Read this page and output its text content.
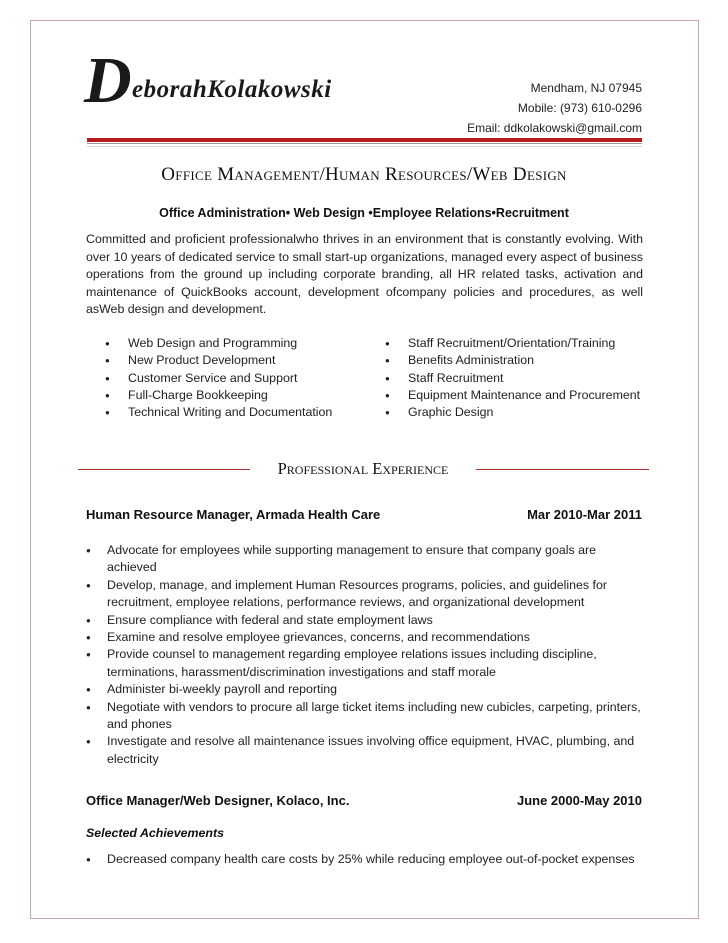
D eborahKolakowski	Mendham, NJ 07945
Mobile: (973) 610-0296
Email: ddkolakowski@gmail.com
Office Management/Human Resources/Web Design
Office Administration• Web Design •Employee Relations•Recruitment

Committed and proficient professionalwho thrives in an environment that is constantly evolving. With over 10 years of dedicated service to small start-up organizations, managed every aspect of business operations from the ground up including corporate branding, all HR related tasks, activation and maintenance of QuickBooks account, development ofcompany policies and procedures, as well asWeb design and development.

● Web Design and Programming
● New Product Development
● Customer Service and Support
● Full-Charge Bookkeeping
● Technical Writing and Documentation
● Staff Recruitment/Orientation/Training
● Benefits Administration
● Staff Recruitment
● Equipment Maintenance and Procurement
● Graphic Design
Professional Experience
Human Resource Manager, Armada Health Care	Mar 2010-Mar 2011
● Advocate for employees while supporting management to ensure that company goals are achieved
● Develop, manage, and implement Human Resources programs, policies, and guidelines for recruitment, employee relations, performance reviews, and organizational development
● Ensure compliance with federal and state employment laws
● Examine and resolve employee grievances, concerns, and recommendations
● Provide counsel to management regarding employee relations issues including discipline, terminations, harassment/discrimination investigations and staff morale
● Administer bi-weekly payroll and reporting
● Negotiate with vendors to procure all large ticket items including new cubicles, carpeting, printers, and phones
● Investigate and resolve all maintenance issues involving office equipment, HVAC, plumbing, and electricity
Office Manager/Web Designer, Kolaco, Inc.	June 2000-May 2010
Selected Achievements
● Decreased company health care costs by 25% while reducing employee out-of-pocket expenses
